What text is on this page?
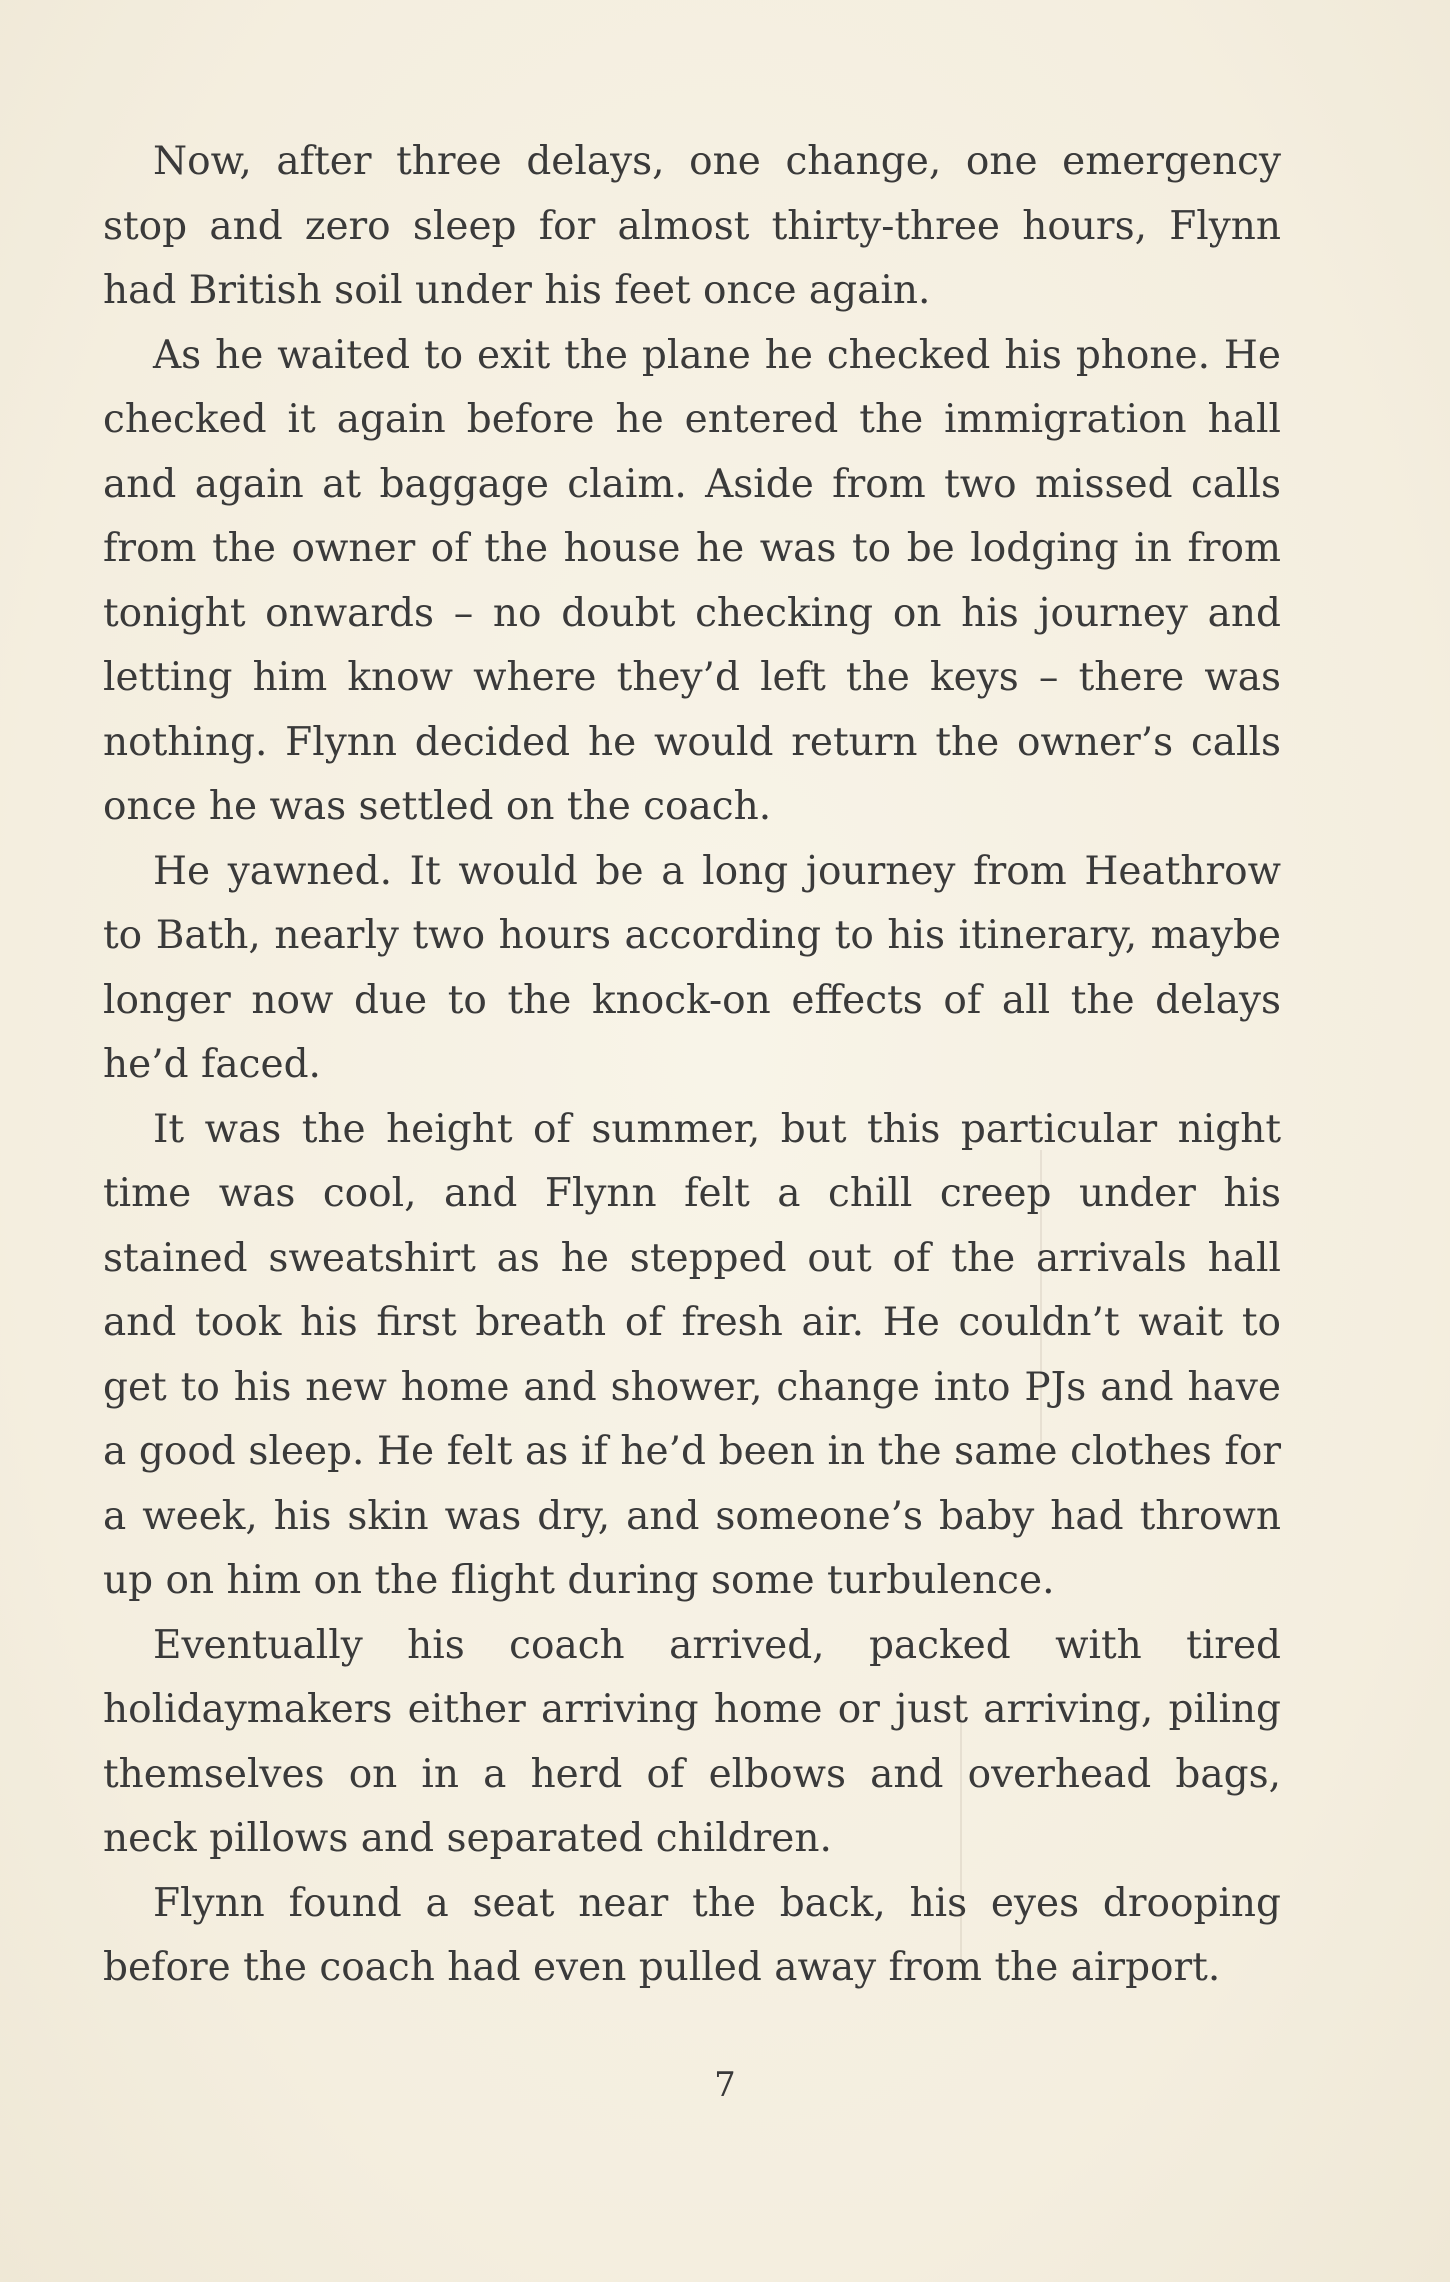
Now, after three delays, one change, one emergency stop and zero sleep for almost thirty-three hours, Flynn had British soil under his feet once again.

As he waited to exit the plane he checked his phone. He checked it again before he entered the immigration hall and again at baggage claim. Aside from two missed calls from the owner of the house he was to be lodging in from tonight onwards – no doubt checking on his journey and letting him know where they’d left the keys – there was nothing. Flynn decided he would return the owner’s calls once he was settled on the coach.

He yawned. It would be a long journey from Heathrow to Bath, nearly two hours according to his itinerary, maybe longer now due to the knock-on effects of all the delays he’d faced.

It was the height of summer, but this particular night time was cool, and Flynn felt a chill creep under his stained sweatshirt as he stepped out of the arrivals hall and took his first breath of fresh air. He couldn’t wait to get to his new home and shower, change into PJs and have a good sleep. He felt as if he’d been in the same clothes for a week, his skin was dry, and someone’s baby had thrown up on him on the flight during some turbulence.

Eventually his coach arrived, packed with tired holidaymakers either arriving home or just arriving, piling themselves on in a herd of elbows and overhead bags, neck pillows and separated children.

Flynn found a seat near the back, his eyes drooping before the coach had even pulled away from the airport.

7
